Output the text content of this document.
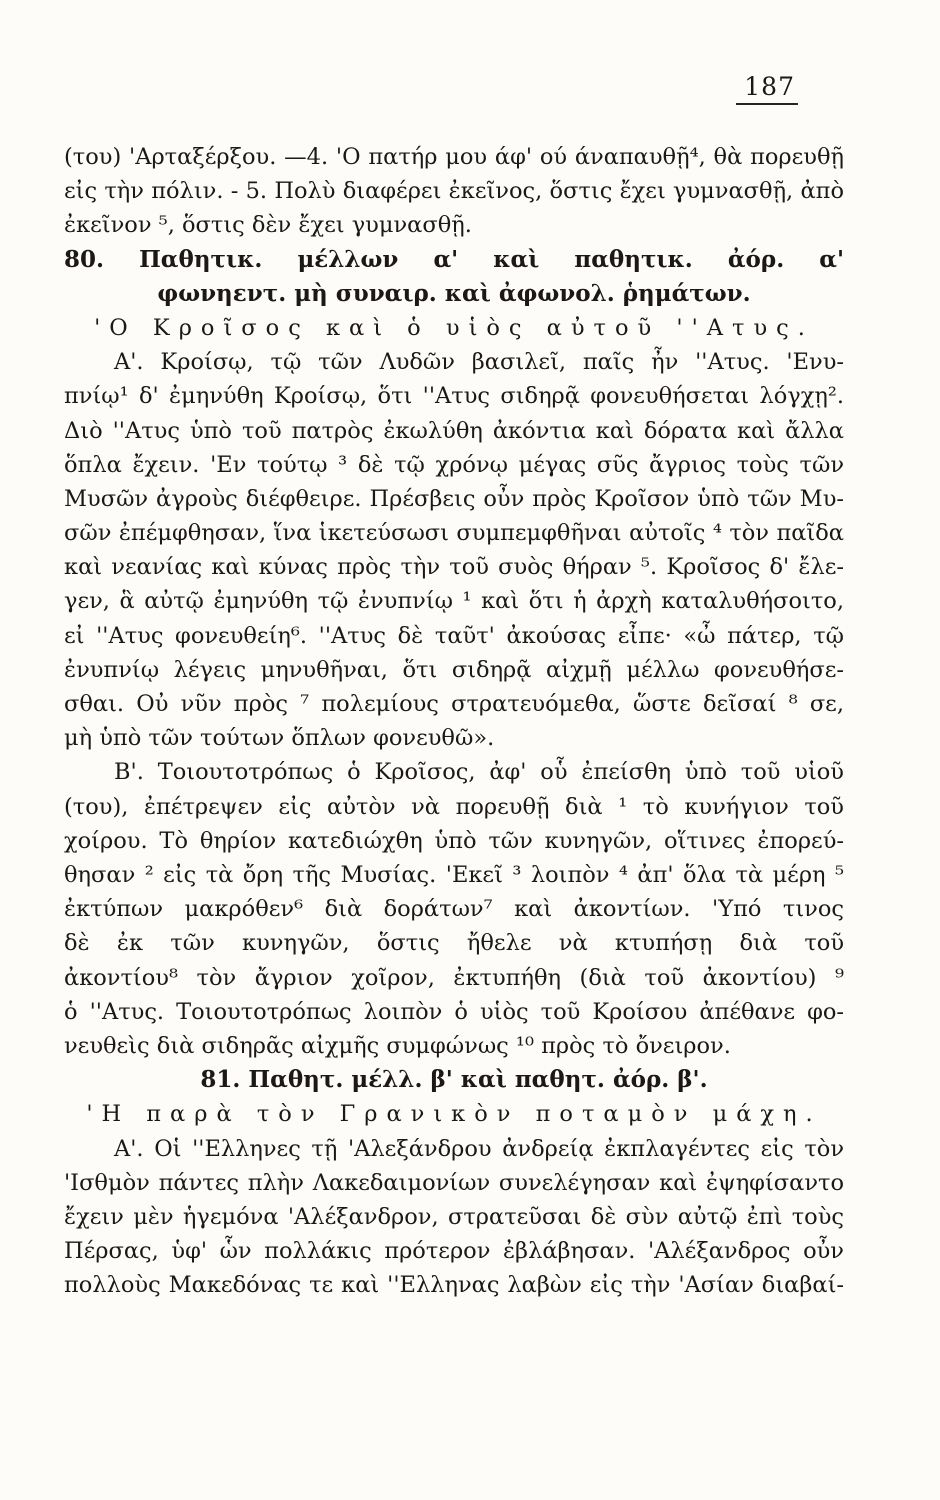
187
(του) 'Αρταξέρξου. —4. 'Ο πατήρ μου άφ' ού άναπαυθῇ⁴, θὰ πορευθῇ
εἰς τὴν πόλιν. - 5. Πολὺ διαφέρει ἐκεῖνος, ὅστις ἔχει γυμνασθῇ, ἀπὸ
ἐκεῖνον ⁵, ὅστις δὲν ἔχει γυμνασθῇ.
80. Παθητικ. μέλλων α' καὶ παθητικ. ἀόρ. α'
φωνηεντ. μὴ συναιρ. καὶ ἀφωνολ. ῥημάτων.
'Ο Κροῖσος καὶ ὁ υἱὸς αὐτοῦ ''Ατυς.
Α'. Κροίσῳ, τῷ τῶν Λυδῶν βασιλεῖ, παῖς ἦν ''Ατυς. 'Ενυ-
πνίῳ¹ δ' ἐμηνύθη Κροίσῳ, ὅτι ''Ατυς σιδηρᾷ φονευθήσεται λόγχῃ².
Διὸ ''Ατυς ὑπὸ τοῦ πατρὸς ἐκωλύθη ἀκόντια καὶ δόρατα καὶ ἄλλα
ὅπλα ἔχειν. 'Εν τούτῳ ³ δὲ τῷ χρόνῳ μέγας σῦς ἄγριος τοὺς τῶν
Μυσῶν ἀγροὺς διέφθειρε. Πρέσβεις οὖν πρὸς Κροῖσον ὑπὸ τῶν Μυ-
σῶν ἐπέμφθησαν, ἵνα ἱκετεύσωσι συμπεμφθῆναι αὐτοῖς ⁴ τὸν παῖδα
καὶ νεανίας καὶ κύνας πρὸς τὴν τοῦ συὸς θήραν ⁵. Κροῖσος δ' ἔλε-
γεν, ἃ αὐτῷ ἐμηνύθη τῷ ἐνυπνίῳ ¹ καὶ ὅτι ἡ ἀρχὴ καταλυθήσοιτο,
εἰ ''Ατυς φονευθείη⁶. ''Ατυς δὲ ταῦτ' ἀκούσας εἶπε· «ὦ πάτερ, τῷ
ἐνυπνίῳ λέγεις μηνυθῆναι, ὅτι σιδηρᾷ αἰχμῇ μέλλω φονευθήσε-
σθαι. Οὐ νῦν πρὸς ⁷ πολεμίους στρατευόμεθα, ὥστε δεῖσαί ⁸ σε,
μὴ ὑπὸ τῶν τούτων ὅπλων φονευθῶ».
Β'. Τοιουτοτρόπως ὁ Κροῖσος, ἀφ' οὗ ἐπείσθη ὑπὸ τοῦ υἱοῦ
(του), ἐπέτρεψεν εἰς αὐτὸν νὰ πορευθῇ διὰ ¹ τὸ κυνήγιον τοῦ
χοίρου. Τὸ θηρίον κατεδιώχθη ὑπὸ τῶν κυνηγῶν, οἵτινες ἐπορεύ-
θησαν ² εἰς τὰ ὄρη τῆς Μυσίας. 'Εκεῖ ³ λοιπὸν ⁴ ἀπ' ὅλα τὰ μέρη ⁵
ἐκτύπων μακρόθεν⁶ διὰ δοράτων⁷ καὶ ἀκοντίων. 'Υπό τινος
δὲ ἐκ τῶν κυνηγῶν, ὅστις ἤθελε νὰ κτυπήσῃ διὰ τοῦ
ἀκοντίου⁸ τὸν ἄγριον χοῖρον, ἐκτυπήθη (διὰ τοῦ ἀκοντίου) ⁹
ὁ ''Ατυς. Τοιουτοτρόπως λοιπὸν ὁ υἱὸς τοῦ Κροίσου ἀπέθανε φο-
νευθεὶς διὰ σιδηρᾶς αἰχμῆς συμφώνως ¹⁰ πρὸς τὸ ὄνειρον.
81. Παθητ. μέλλ. β' καὶ παθητ. ἀόρ. β'.
'Η παρὰ τὸν Γρανικὸν ποταμὸν μάχη.
Α'. Οἱ ''Ελληνες τῇ 'Αλεξάνδρου ἀνδρείᾳ ἐκπλαγέντες εἰς τὸν
'Ισθμὸν πάντες πλὴν Λακεδαιμονίων συνελέγησαν καὶ ἐψηφίσαντο
ἔχειν μὲν ἡγεμόνα 'Αλέξανδρον, στρατεῦσαι δὲ σὺν αὐτῷ ἐπὶ τοὺς
Πέρσας, ὑφ' ὧν πολλάκις πρότερον ἐβλάβησαν. 'Αλέξανδρος οὖν
πολλοὺς Μακεδόνας τε καὶ ''Ελληνας λαβὼν εἰς τὴν 'Ασίαν διαβαί-
